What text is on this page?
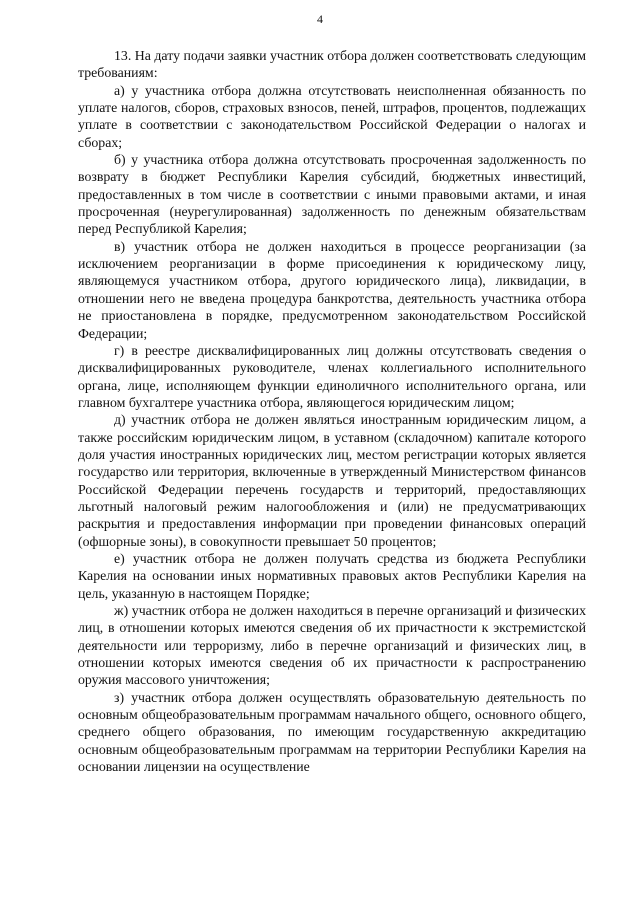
4

13. На дату подачи заявки участник отбора должен соответствовать следующим требованиям:

а) у участника отбора должна отсутствовать неисполненная обязанность по уплате налогов, сборов, страховых взносов, пеней, штрафов, процентов, подлежащих уплате в соответствии с законодательством Российской Федерации о налогах и сборах;

б) у участника отбора должна отсутствовать просроченная задолженность по возврату в бюджет Республики Карелия субсидий, бюджетных инвестиций, предоставленных в том числе в соответствии с иными правовыми актами, и иная просроченная (неурегулированная) задолженность по денежным обязательствам перед Республикой Карелия;

в) участник отбора не должен находиться в процессе реорганизации (за исключением реорганизации в форме присоединения к юридическому лицу, являющемуся участником отбора, другого юридического лица), ликвидации, в отношении него не введена процедура банкротства, деятельность участника отбора не приостановлена в порядке, предусмотренном законодательством Российской Федерации;

г) в реестре дисквалифицированных лиц должны отсутствовать сведения о дисквалифицированных руководителе, членах коллегиального исполнительного органа, лице, исполняющем функции единоличного исполнительного органа, или главном бухгалтере участника отбора, являющегося юридическим лицом;

д) участник отбора не должен являться иностранным юридическим лицом, а также российским юридическим лицом, в уставном (складочном) капитале которого доля участия иностранных юридических лиц, местом регистрации которых является государство или территория, включенные в утвержденный Министерством финансов Российской Федерации перечень государств и территорий, предоставляющих льготный налоговый режим налогообложения и (или) не предусматривающих раскрытия и предоставления информации при проведении финансовых операций (офшорные зоны), в совокупности превышает 50 процентов;

е) участник отбора не должен получать средства из бюджета Республики Карелия на основании иных нормативных правовых актов Республики Карелия на цель, указанную в настоящем Порядке;

ж) участник отбора не должен находиться в перечне организаций и физических лиц, в отношении которых имеются сведения об их причастности к экстремистской деятельности или терроризму, либо в перечне организаций и физических лиц, в отношении которых имеются сведения об их причастности к распространению оружия массового уничтожения;

з) участник отбора должен осуществлять образовательную деятельность по основным общеобразовательным программам начального общего, основного общего, среднего общего образования, по имеющим государственную аккредитацию основным общеобразовательным программам на территории Республики Карелия на основании лицензии на осуществление
